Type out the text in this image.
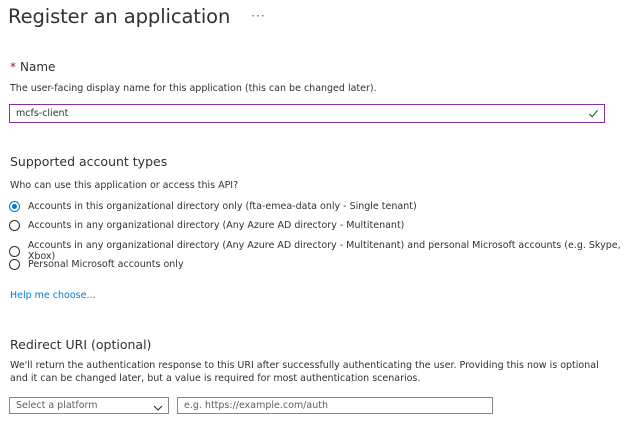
Register an application ···
* Name
The user-facing display name for this application (this can be changed later).
mcfs-client
Supported account types
Who can use this application or access this API?
Accounts in this organizational directory only (fta-emea-data only - Single tenant)
Accounts in any organizational directory (Any Azure AD directory - Multitenant)
Accounts in any organizational directory (Any Azure AD directory - Multitenant) and personal Microsoft accounts (e.g. Skype, Xbox)
Personal Microsoft accounts only
Help me choose...
Redirect URI (optional)
We'll return the authentication response to this URI after successfully authenticating the user. Providing this now is optional and it can be changed later, but a value is required for most authentication scenarios.
Select a platform
e.g. https://example.com/auth
